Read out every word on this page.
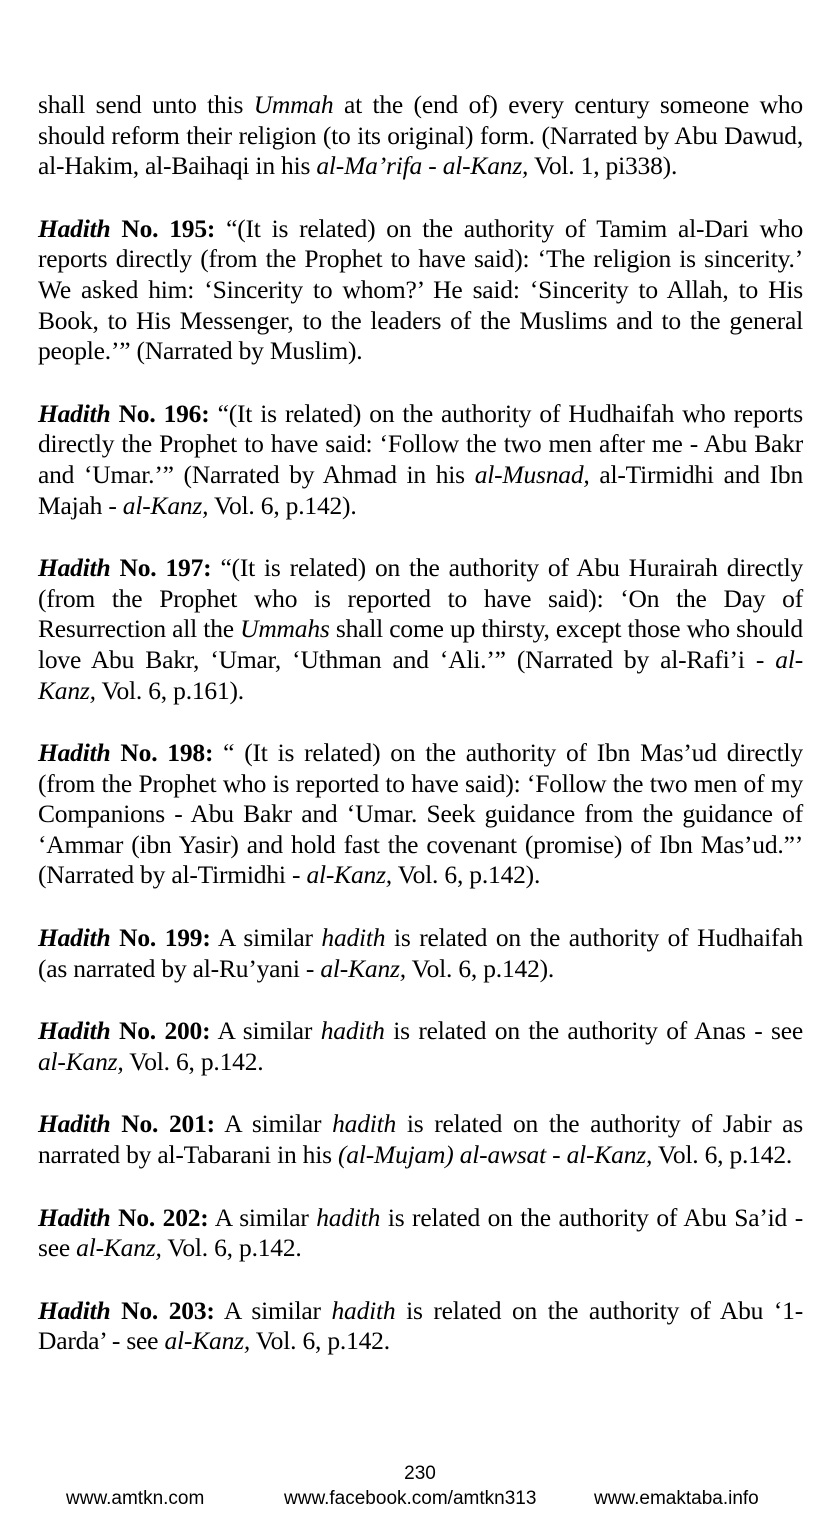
shall send unto this Ummah at the (end of) every century someone who should reform their religion (to its original) form. (Narrated by Abu Dawud, al-Hakim, al-Baihaqi in his al-Ma’rifa - al-Kanz, Vol. 1, pi338).

Hadith No. 195: “(It is related) on the authority of Tamim al-Dari who reports directly (from the Prophet to have said): ‘The religion is sincerity.’ We asked him: ‘Sincerity to whom?’ He said: ‘Sincerity to Allah, to His Book, to His Messenger, to the leaders of the Muslims and to the general people.’” (Narrated by Muslim).

Hadith No. 196: “(It is related) on the authority of Hudhaifah who reports directly the Prophet to have said: ‘Follow the two men after me - Abu Bakr and ‘Umar.’” (Narrated by Ahmad in his al-Musnad, al-Tirmidhi and Ibn Majah - al-Kanz, Vol. 6, p.142).

Hadith No. 197: “(It is related) on the authority of Abu Hurairah directly (from the Prophet who is reported to have said): ‘On the Day of Resurrection all the Ummahs shall come up thirsty, except those who should love Abu Bakr, ‘Umar, ‘Uthman and ‘Ali.’” (Narrated by al-Rafi’i - al-Kanz, Vol. 6, p.161).

Hadith No. 198: “ (It is related) on the authority of Ibn Mas’ud directly (from the Prophet who is reported to have said): ‘Follow the two men of my Companions - Abu Bakr and ‘Umar. Seek guidance from the guidance of ‘Ammar (ibn Yasir) and hold fast the covenant (promise) of Ibn Mas’ud.”’ (Narrated by al-Tirmidhi - al-Kanz, Vol. 6, p.142).

Hadith No. 199: A similar hadith is related on the authority of Hudhaifah (as narrated by al-Ru’yani - al-Kanz, Vol. 6, p.142).

Hadith No. 200: A similar hadith is related on the authority of Anas - see al-Kanz, Vol. 6, p.142.

Hadith No. 201: A similar hadith is related on the authority of Jabir as narrated by al-Tabarani in his (al-Mujam) al-awsat - al-Kanz, Vol. 6, p.142.

Hadith No. 202: A similar hadith is related on the authority of Abu Sa’id - see al-Kanz, Vol. 6, p.142.

Hadith No. 203: A similar hadith is related on the authority of Abu ‘1-Darda’ - see al-Kanz, Vol. 6, p.142.

230
www.amtkn.com	www.facebook.com/amtkn313	www.emaktaba.info
